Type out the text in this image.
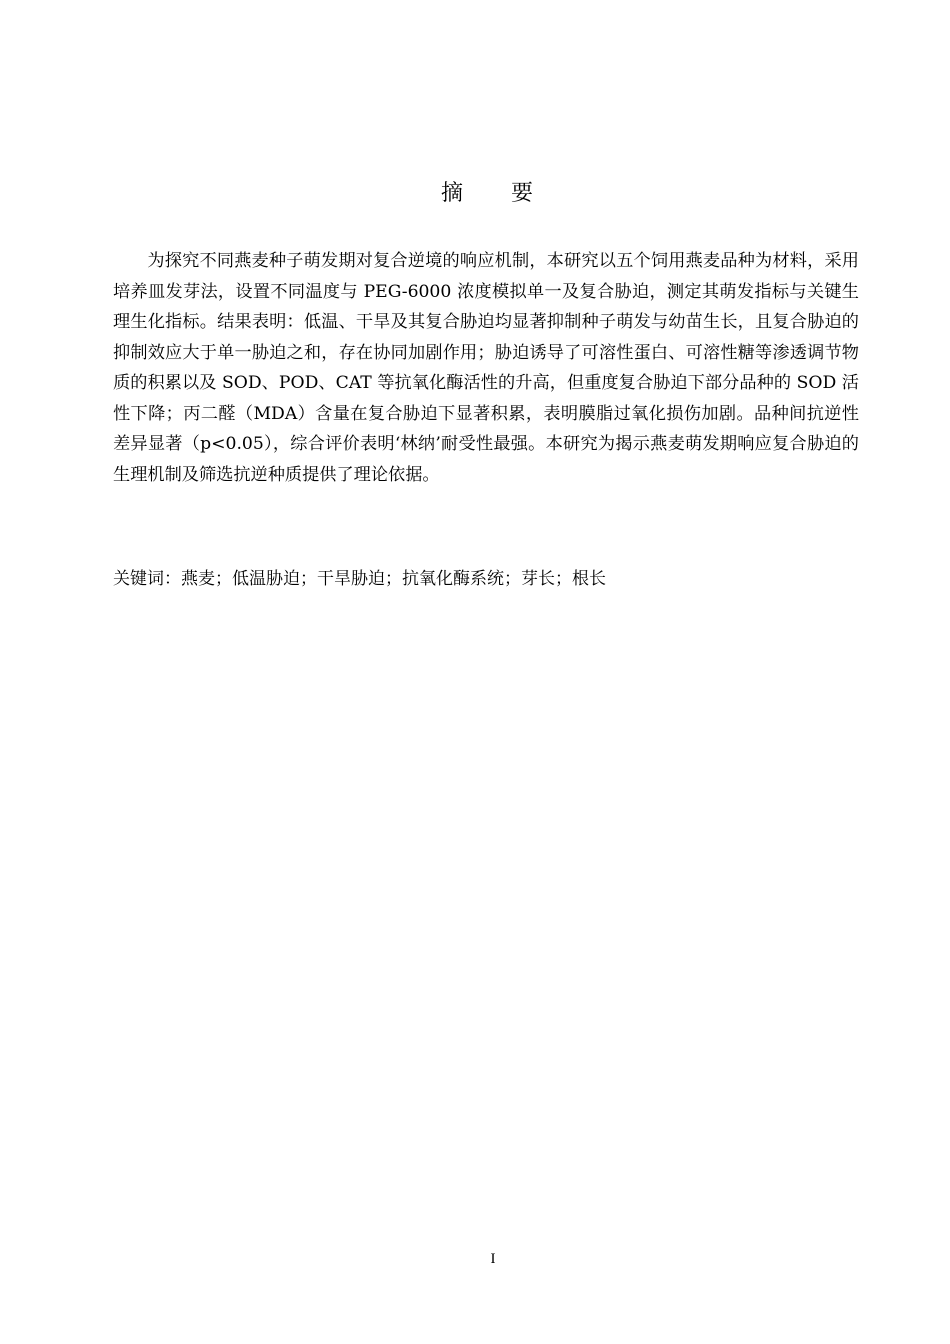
摘 要

为探究不同燕麦种子萌发期对复合逆境的响应机制，本研究以五个饲用燕麦品种为材料，采用培养皿发芽法，设置不同温度与 PEG-6000 浓度模拟单一及复合胁迫，测定其萌发指标与关键生理生化指标。结果表明：低温、干旱及其复合胁迫均显著抑制种子萌发与幼苗生长，且复合胁迫的抑制效应大于单一胁迫之和，存在协同加剧作用；胁迫诱导了可溶性蛋白、可溶性糖等渗透调节物质的积累以及 SOD、POD、CAT 等抗氧化酶活性的升高，但重度复合胁迫下部分品种的 SOD 活性下降；丙二醛（MDA）含量在复合胁迫下显著积累，表明膜脂过氧化损伤加剧。品种间抗逆性差异显著（p<0.05），综合评价表明‘林纳’耐受性最强。本研究为揭示燕麦萌发期响应复合胁迫的生理机制及筛选抗逆种质提供了理论依据。

关键词：燕麦；低温胁迫；干旱胁迫；抗氧化酶系统；芽长；根长
I
